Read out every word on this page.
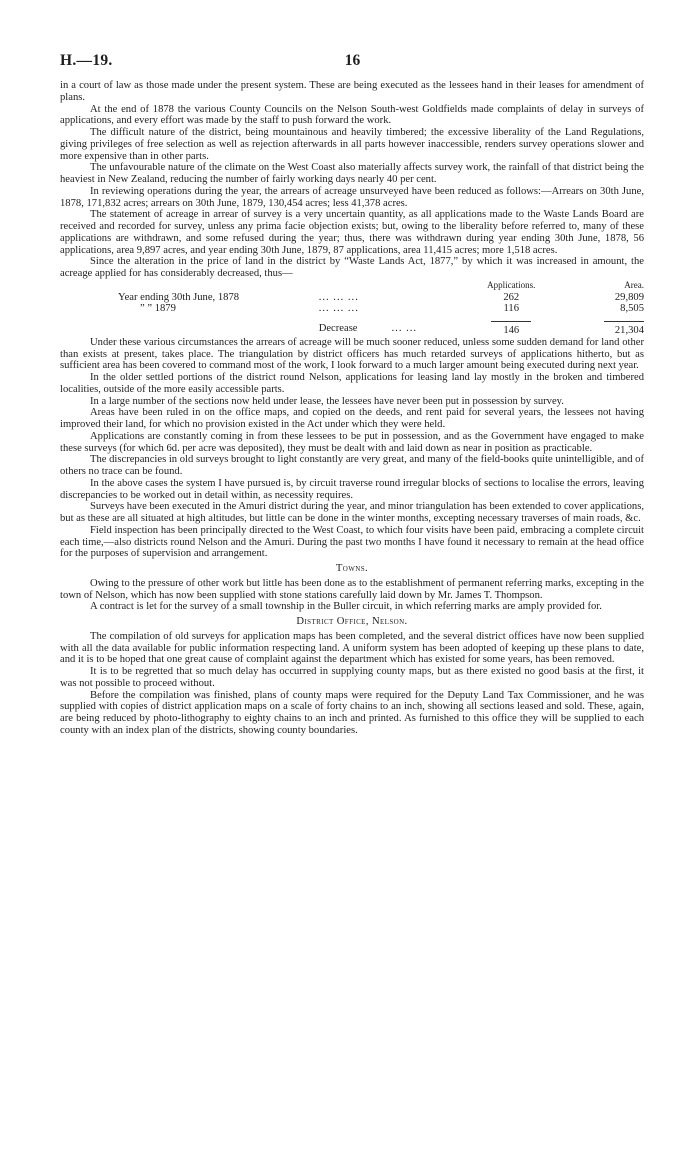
H.—19.	16

in a court of law as those made under the present system. These are being executed as the lessees hand in their leases for amendment of plans.

At the end of 1878 the various County Councils on the Nelson South-west Goldfields made complaints of delay in surveys of applications, and every effort was made by the staff to push forward the work.

The difficult nature of the district, being mountainous and heavily timbered; the excessive liberality of the Land Regulations, giving privileges of free selection as well as rejection afterwards in all parts however inaccessible, renders survey operations slower and more expensive than in other parts.

The unfavourable nature of the climate on the West Coast also materially affects survey work, the rainfall of that district being the heaviest in New Zealand, reducing the number of fairly working days nearly 40 per cent.

In reviewing operations during the year, the arrears of acreage unsurveyed have been reduced as follows:—Arrears on 30th June, 1878, 171,832 acres; arrears on 30th June, 1879, 130,454 acres; less 41,378 acres.

The statement of acreage in arrear of survey is a very uncertain quantity, as all applications made to the Waste Lands Board are received and recorded for survey, unless any prima facie objection exists; but, owing to the liberality before referred to, many of these applications are withdrawn, and some refused during the year; thus, there was withdrawn during year ending 30th June, 1878, 56 applications, area 9,897 acres, and year ending 30th June, 1879, 87 applications, area 11,415 acres; more 1,518 acres.

Since the alteration in the price of land in the district by “Waste Lands Act, 1877,” by which it was increased in amount, the acreage applied for has considerably decreased, thus—

		Applications.	Area.
Year ending 30th June, 1878	... ... ...	262	29,809
” ” 1879	... ... ...	116	8,505

	Decrease ... ...	146	21,304

Under these various circumstances the arrears of acreage will be much sooner reduced, unless some sudden demand for land other than exists at present, takes place. The triangulation by district officers has much retarded surveys of applications hitherto, but as sufficient area has been covered to command most of the work, I look forward to a much larger amount being executed during next year.

In the older settled portions of the district round Nelson, applications for leasing land lay mostly in the broken and timbered localities, outside of the more easily accessible parts.

In a large number of the sections now held under lease, the lessees have never been put in possession by survey.

Areas have been ruled in on the office maps, and copied on the deeds, and rent paid for several years, the lessees not having improved their land, for which no provision existed in the Act under which they were held.

Applications are constantly coming in from these lessees to be put in possession, and as the Government have engaged to make these surveys (for which 6d. per acre was deposited), they must be dealt with and laid down as near in position as practicable.

The discrepancies in old surveys brought to light constantly are very great, and many of the field-books quite unintelligible, and of others no trace can be found.

In the above cases the system I have pursued is, by circuit traverse round irregular blocks of sections to localise the errors, leaving discrepancies to be worked out in detail within, as necessity requires.

Surveys have been executed in the Amuri district during the year, and minor triangulation has been extended to cover applications, but as these are all situated at high altitudes, but little can be done in the winter months, excepting necessary traverses of main roads, &c.

Field inspection has been principally directed to the West Coast, to which four visits have been paid, embracing a complete circuit each time,—also districts round Nelson and the Amuri. During the past two months I have found it necessary to remain at the head office for the purposes of supervision and arrangement.

Towns.

Owing to the pressure of other work but little has been done as to the establishment of permanent referring marks, excepting in the town of Nelson, which has now been supplied with stone stations carefully laid down by Mr. James T. Thompson.

A contract is let for the survey of a small township in the Buller circuit, in which referring marks are amply provided for.

District Office, Nelson.

The compilation of old surveys for application maps has been completed, and the several district offices have now been supplied with all the data available for public information respecting land. A uniform system has been adopted of keeping up these plans to date, and it is to be hoped that one great cause of complaint against the department which has existed for some years, has been removed.

It is to be regretted that so much delay has occurred in supplying county maps, but as there existed no good basis at the first, it was not possible to proceed without.

Before the compilation was finished, plans of county maps were required for the Deputy Land Tax Commissioner, and he was supplied with copies of district application maps on a scale of forty chains to an inch, showing all sections leased and sold. These, again, are being reduced by photo-lithography to eighty chains to an inch and printed. As furnished to this office they will be supplied to each county with an index plan of the districts, showing county boundaries.
